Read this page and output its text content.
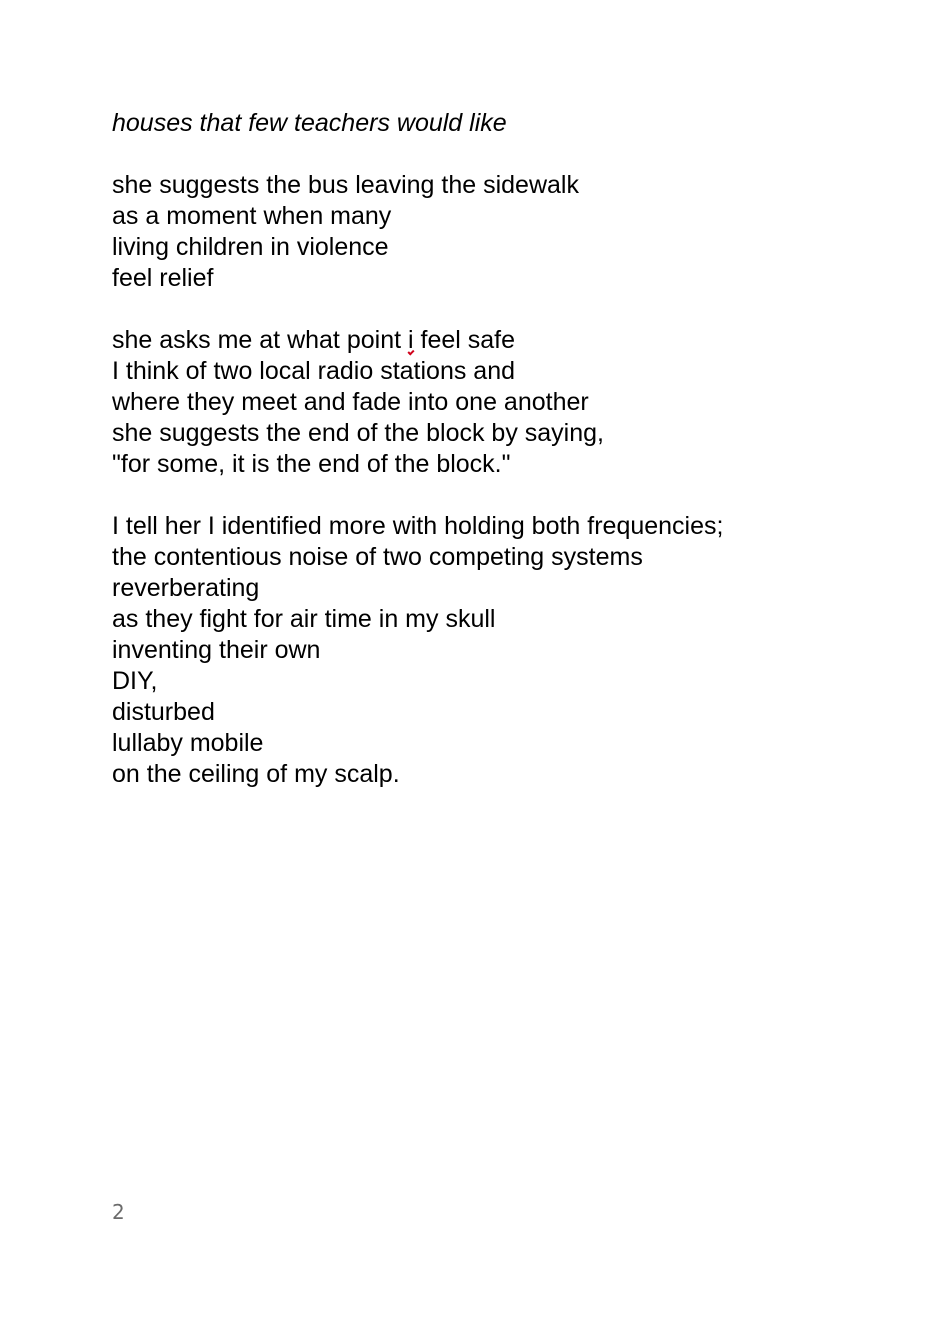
houses that few teachers would like
she suggests the bus leaving the sidewalk
as a moment when many
living children in violence
feel relief
she asks me at what point i feel safe
I think of two local radio stations and
where they meet and fade into one another
she suggests the end of the block by saying,
"for some, it is the end of the block."
I tell her I identified more with holding both frequencies;
the contentious noise of two competing systems
reverberating
as they fight for air time in my skull
inventing their own
DIY,
disturbed
lullaby mobile
on the ceiling of my scalp.
2
